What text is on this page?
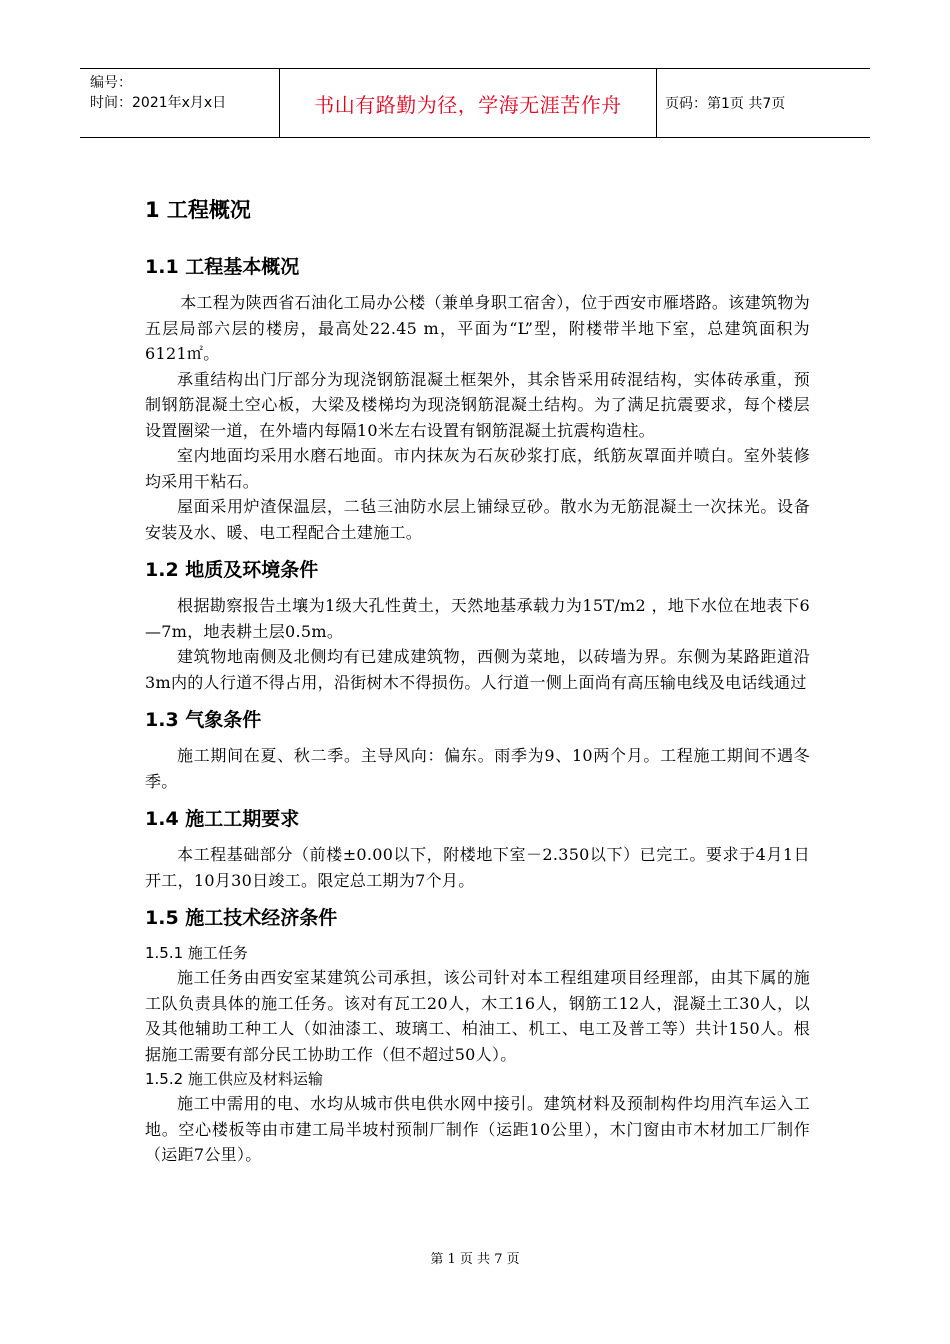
编号：
时间：2021年x月x日	书山有路勤为径，学海无涯苦作舟	页码：第1页 共7页
1 工程概况
1.1 工程基本概况

本工程为陕西省石油化工局办公楼（兼单身职工宿舍），位于西安市雁塔路。该建筑物为五层局部六层的楼房，最高处22.45 m，平面为“L”型，附楼带半地下室，总建筑面积为6121㎡。

承重结构出门厅部分为现浇钢筋混凝土框架外，其余皆采用砖混结构，实体砖承重，预制钢筋混凝土空心板，大梁及楼梯均为现浇钢筋混凝土结构。为了满足抗震要求，每个楼层设置圈梁一道，在外墙内每隔10米左右设置有钢筋混凝土抗震构造柱。

室内地面均采用水磨石地面。市内抹灰为石灰砂浆打底，纸筋灰罩面并喷白。室外装修均采用干粘石。

屋面采用炉渣保温层，二毡三油防水层上铺绿豆砂。散水为无筋混凝土一次抹光。设备安装及水、暖、电工程配合土建施工。

1.2 地质及环境条件

根据勘察报告土壤为1级大孔性黄土，天然地基承载力为15T/m2 ，地下水位在地表下6—7m，地表耕土层0.5m。

建筑物地南侧及北侧均有已建成建筑物，西侧为菜地，以砖墙为界。东侧为某路距道沿3m内的人行道不得占用，沿街树木不得损伤。人行道一侧上面尚有高压输电线及电话线通过

1.3 气象条件

施工期间在夏、秋二季。主导风向：偏东。雨季为9、10两个月。工程施工期间不遇冬季。

1.4 施工工期要求

本工程基础部分（前楼±0.00以下，附楼地下室－2.350以下）已完工。要求于4月1日开工，10月30日竣工。限定总工期为7个月。

1.5 施工技术经济条件
1.5.1 施工任务

施工任务由西安室某建筑公司承担，该公司针对本工程组建项目经理部，由其下属的施工队负责具体的施工任务。该对有瓦工20人，木工16人，钢筋工12人，混凝土工30人，以及其他辅助工种工人（如油漆工、玻璃工、柏油工、机工、电工及普工等）共计150人。根据施工需要有部分民工协助工作（但不超过50人）。

1.5.2 施工供应及材料运输

施工中需用的电、水均从城市供电供水网中接引。建筑材料及预制构件均用汽车运入工地。空心楼板等由市建工局半坡村预制厂制作（运距10公里），木门窗由市木材加工厂制作（运距7公里）。

第 1 页 共 7 页
